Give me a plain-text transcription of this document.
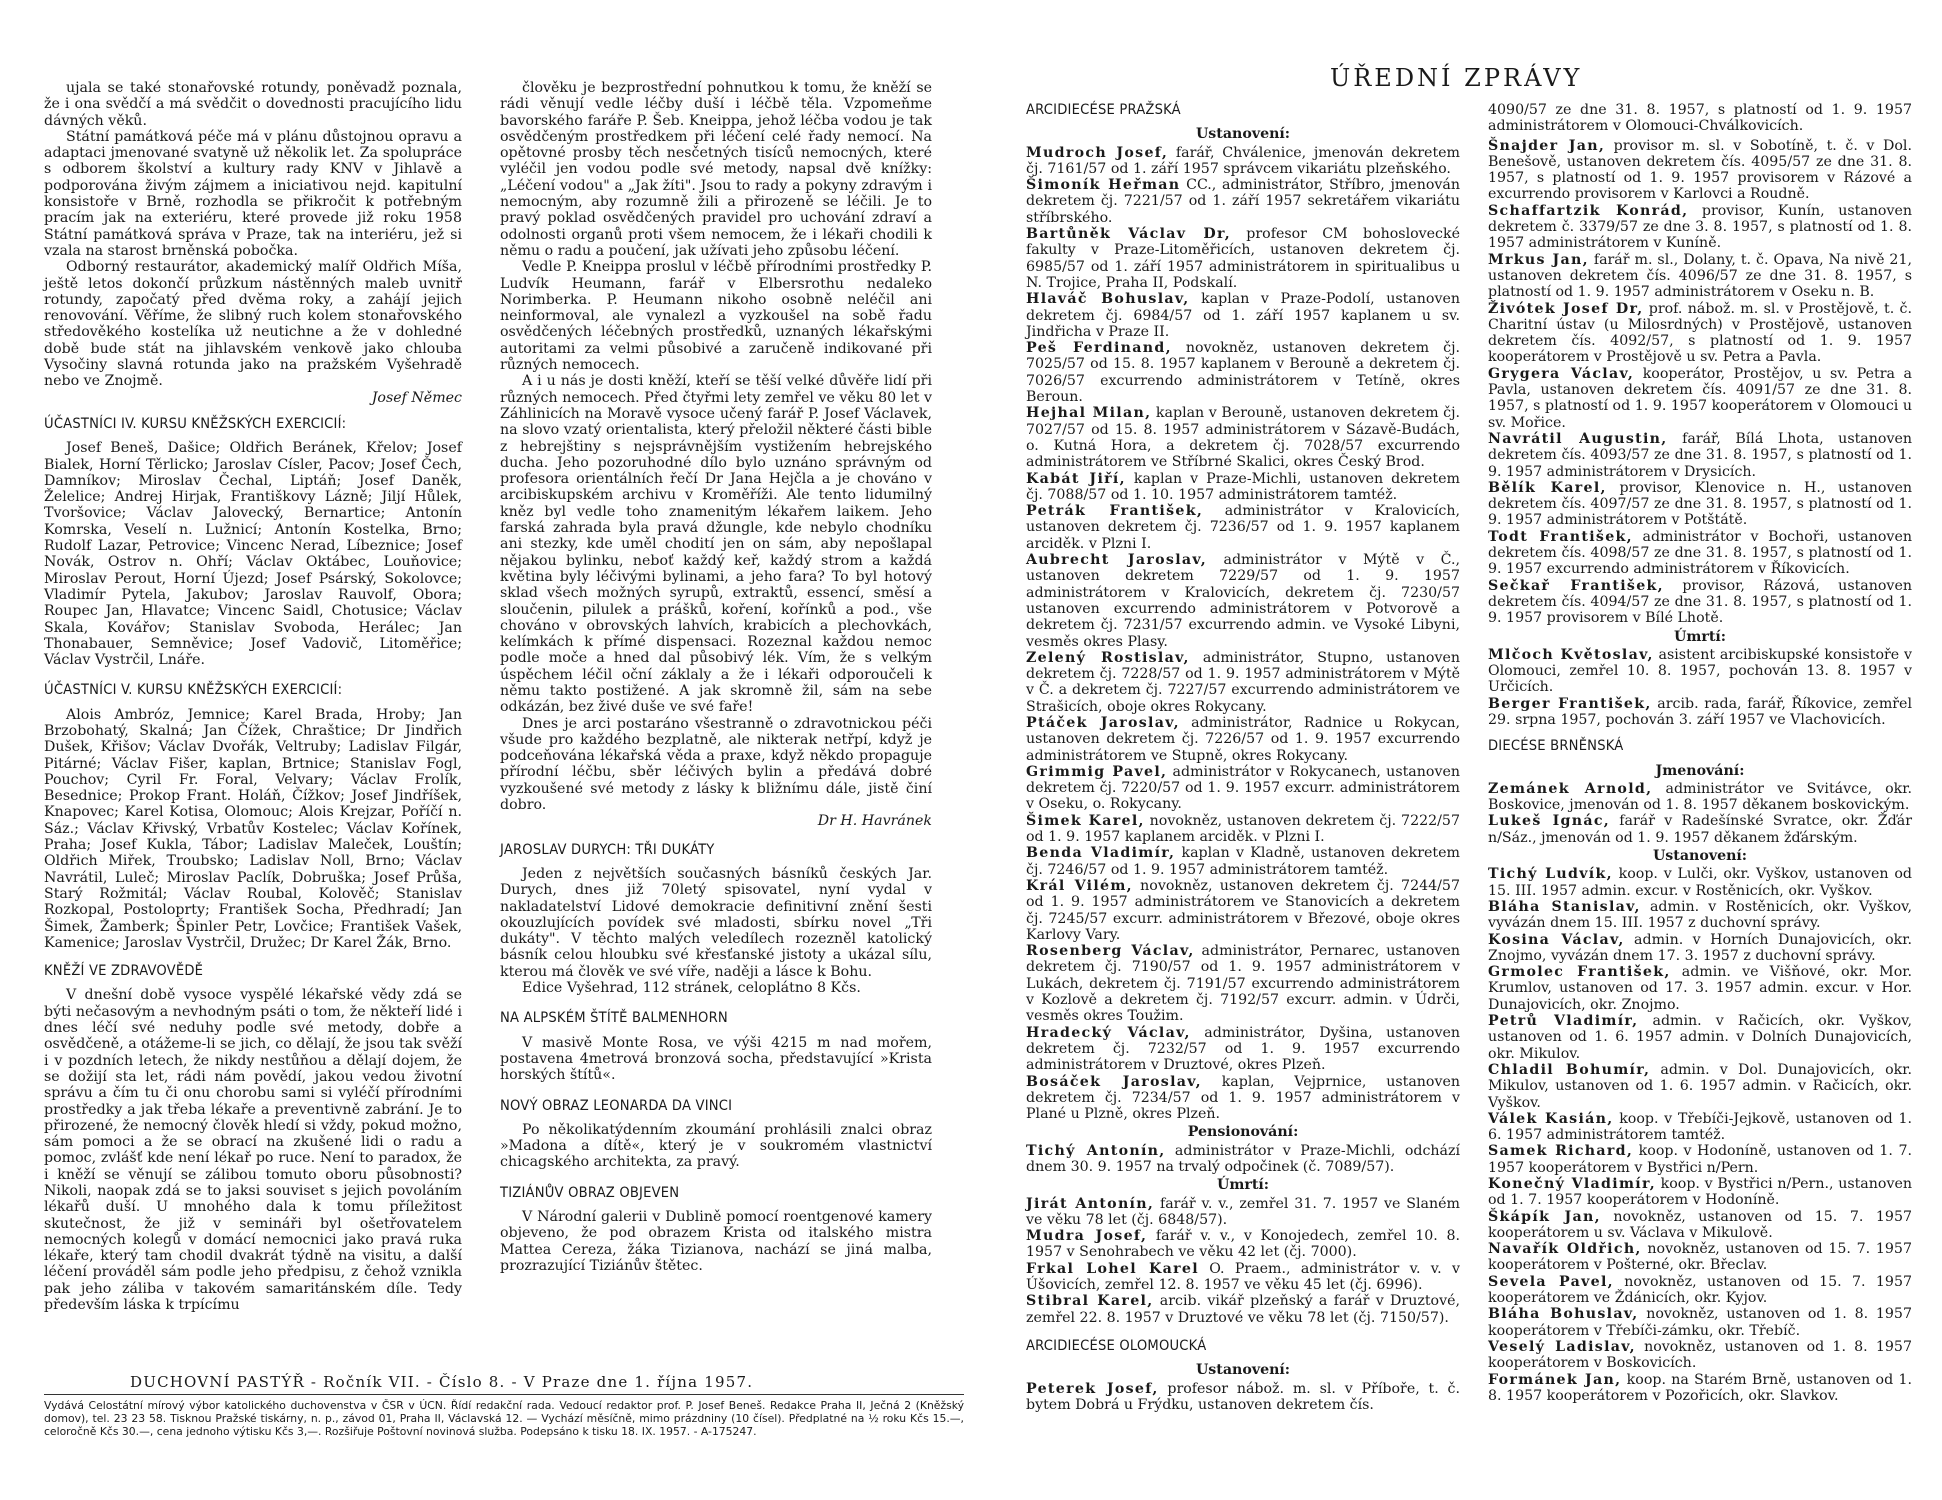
ujala se také stonařovské rotundy, poněvadž poznala, že i ona svědčí a má svědčit o dovednosti pracujícího lidu dávných věků.

Státní památková péče má v plánu důstojnou opravu a adaptaci jmenované svatyně už několik let. Za spolupráce s odborem školství a kultury rady KNV v Jihlavě a podporována živým zájmem a iniciativou nejd. kapitulní konsistoře v Brně, rozhodla se přikročit k potřebným pracím jak na exteriéru, které provede již roku 1958 Státní památková správa v Praze, tak na interiéru, jež si vzala na starost brněnská pobočka.

Odborný restaurátor, akademický malíř Oldřich Míša, ještě letos dokončí průzkum nástěnných maleb uvnitř rotundy, započatý před dvěma roky, a zahájí jejich renovování. Věříme, že slibný ruch kolem stonařovského středověkého kostelíka už neutichne a že v dohledné době bude stát na jihlavském venkově jako chlouba Vysočiny slavná rotunda jako na pražském Vyšehradě nebo ve Znojmě.

Josef Němec
ÚČASTNÍCI IV. KURSU KNĚŽSKÝCH EXERCICIÍ:

Josef Beneš, Dašice; Oldřich Beránek, Křelov; Josef Bialek, Horní Těrlicko; Jaroslav Císler, Pacov; Josef Čech, Damníkov; Miroslav Čechal, Liptáň; Josef Daněk, Želelice; Andrej Hirjak, Františkovy Lázně; Jiljí Hůlek, Tvoršovice; Václav Jalovecký, Bernartice; Antonín Komrska, Veselí n. Lužnicí; Antonín Kostelka, Brno; Rudolf Lazar, Petrovice; Vincenc Nerad, Líbeznice; Josef Novák, Ostrov n. Ohří; Václav Oktábec, Louňovice; Miroslav Perout, Horní Újezd; Josef Psárský, Sokolovce; Vladimír Pytela, Jakubov; Jaroslav Rauvolf, Obora; Roupec Jan, Hlavatce; Vincenc Saidl, Chotusice; Václav Skala, Kovářov; Stanislav Svoboda, Herálec; Jan Thonabauer, Semněvice; Josef Vadovič, Litoměřice; Václav Vystrčil, Lnáře.

ÚČASTNÍCI V. KURSU KNĚŽSKÝCH EXERCICIÍ:

Alois Ambróz, Jemnice; Karel Brada, Hroby; Jan Brzobohatý, Skalná; Jan Čížek, Chraštice; Dr Jindřich Dušek, Křišov; Václav Dvořák, Veltruby; Ladislav Filgár, Pitárné; Václav Fišer, kaplan, Brtnice; Stanislav Fogl, Pouchov; Cyril Fr. Foral, Velvary; Václav Frolík, Besednice; Prokop Frant. Holáň, Čížkov; Josef Jindříšek, Knapovec; Karel Kotisa, Olomouc; Alois Krejzar, Poříčí n. Sáz.; Václav Křivský, Vrbatův Kostelec; Václav Kořínek, Praha; Josef Kukla, Tábor; Ladislav Maleček, Louštín; Oldřich Miřek, Troubsko; Ladislav Noll, Brno; Václav Navrátil, Luleč; Miroslav Paclík, Dobruška; Josef Průša, Starý Rožmitál; Václav Roubal, Kolověč; Stanislav Rozkopal, Postoloprty; František Socha, Předhradí; Jan Šimek, Žamberk; Špinler Petr, Lovčice; František Vašek, Kamenice; Jaroslav Vystrčil, Družec; Dr Karel Žák, Brno.

KNĚŽÍ VE ZDRAVOVĚDĚ

V dnešní době vysoce vyspělé lékařské vědy zdá se býti nečasovým a nevhodným psáti o tom, že někteří lidé i dnes léčí své neduhy podle své metody, dobře a osvědčeně, a otážeme-li se jich, co dělají, že jsou tak svěží i v pozdních letech, že nikdy nestůňou a dělají dojem, že se dožijí sta let, rádi nám povědí, jakou vedou životní správu a čím tu či onu chorobu sami si vyléčí přírodními prostředky a jak třeba lékaře a preventivně zabrání. Je to přirozené, že nemocný člověk hledí si vždy, pokud možno, sám pomoci a že se obrací na zkušené lidi o radu a pomoc, zvlášť kde není lékař po ruce. Není to paradox, že i kněží se věnují se zálibou tomuto oboru působnosti? Nikoli, naopak zdá se to jaksi souviset s jejich povoláním lékařů duší. U mnohého dala k tomu příležitost skutečnost, že již v semináři byl ošetřovatelem nemocných kolegů v domácí nemocnici jako pravá ruka lékaře, který tam chodil dvakrát týdně na visitu, a další léčení prováděl sám podle jeho předpisu, z čehož vznikla pak jeho záliba v takovém samaritánském díle. Tedy především láska k trpícímu

člověku je bezprostřední pohnutkou k tomu, že kněží se rádi věnují vedle léčby duší i léčbě těla. Vzpomeňme bavorského faráře P. Šeb. Kneippa, jehož léčba vodou je tak osvědčeným prostředkem při léčení celé řady nemocí. Na opětovné prosby těch nesčetných tisíců nemocných, které vyléčil jen vodou podle své metody, napsal dvě knížky: „Léčení vodou" a „Jak žíti". Jsou to rady a pokyny zdravým i nemocným, aby rozumně žili a přirozeně se léčili. Je to pravý poklad osvědčených pravidel pro uchování zdraví a odolnosti organů proti všem nemocem, že i lékaři chodili k němu o radu a poučení, jak užívati jeho způsobu léčení.

Vedle P. Kneippa proslul v léčbě přírodními prostředky P. Ludvík Heumann, farář v Elbersrothu nedaleko Norimberka. P. Heumann nikoho osobně neléčil ani neinformoval, ale vynalezl a vyzkoušel na sobě řadu osvědčených léčebných prostředků, uznaných lékařskými autoritami za velmi působivé a zaručeně indikované při různých nemocech.

A i u nás je dosti kněží, kteří se těší velké důvěře lidí při různých nemocech. Před čtyřmi lety zemřel ve věku 80 let v Záhlinicích na Moravě vysoce učený farář P. Josef Václavek, na slovo vzatý orientalista, který přeložil některé části bible z hebrejštiny s nejsprávnějším vystižením hebrejského ducha. Jeho pozoruhodné dílo bylo uznáno správným od profesora orientálních řečí Dr Jana Hejčla a je chováno v arcibiskupském archivu v Kroměříži. Ale tento lidumilný kněz byl vedle toho znamenitým lékařem laikem. Jeho farská zahrada byla pravá džungle, kde nebylo chodníku ani stezky, kde uměl chodití jen on sám, aby nepošlapal nějakou bylinku, neboť každý keř, každý strom a každá květina byly léčivými bylinami, a jeho fara? To byl hotový sklad všech možných syrupů, extraktů, essencí, směsí a sloučenin, pilulek a prášků, koření, kořínků a pod., vše chováno v obrovských lahvích, krabicích a plechovkách, kelímkách k přímé dispensaci. Rozeznal každou nemoc podle moče a hned dal působivý lék. Vím, že s velkým úspěchem léčil oční záklaly a že i lékaři odporoučeli k němu takto postižené. A jak skromně žil, sám na sebe odkázán, bez živé duše ve své faře!

Dnes je arci postaráno všestranně o zdravotnickou péči všude pro každého bezplatně, ale nikterak netřpí, když je podceňována lékařská věda a praxe, když někdo propaguje přírodní léčbu, sběr léčivých bylin a předává dobré vyzkoušené své metody z lásky k bližnímu dále, jistě činí dobro.

Dr H. Havránek
JAROSLAV DURYCH: TŘI DUKÁTY

Jeden z největších současných básníků českých Jar. Durych, dnes již 70letý spisovatel, nyní vydal v nakladatelství Lidové demokracie definitivní znění šesti okouzlujících povídek své mladosti, sbírku novel „Tři dukáty". V těchto malých veledílech rozezněl katolický básník celou hloubku své křesťanské jistoty a ukázal sílu, kterou má člověk ve své víře, naději a lásce k Bohu.

Edice Vyšehrad, 112 stránek, celoplátno 8 Kčs.

NA ALPSKÉM ŠTÍTĚ BALMENHORN

V masivě Monte Rosa, ve výši 4215 m nad mořem, postavena 4metrová bronzová socha, představující »Krista horských štítů«.

NOVÝ OBRAZ LEONARDA DA VINCI

Po několikatýdenním zkoumání prohlásili znalci obraz »Madona a dítě«, který je v soukromém vlastnictví chicagského architekta, za pravý.

TIZIÁNŮV OBRAZ OBJEVEN

V Národní galerii v Dublině pomocí roentgenové kamery objeveno, že pod obrazem Krista od italského mistra Mattea Cereza, žáka Tizianova, nachází se jiná malba, prozrazující Tiziánův štětec.

DUCHOVNÍ PASTÝŘ - Ročník VII. - Číslo 8. - V Praze dne 1. října 1957.
Vydává Celostátní mírový výbor katolického duchovenstva v ČSR v ÚCN. Řídí redakční rada. Vedoucí redaktor prof. P. Josef Beneš. Redakce Praha II, Ječná 2 (Kněžský domov), tel. 23 23 58. Tisknou Pražské tiskárny, n. p., závod 01, Praha II, Václavská 12. — Vychází měsíčně, mimo prázdniny (10 čísel). Předplatné na ½ roku Kčs 15.—, celoročně Kčs 30.—, cena jednoho výtisku Kčs 3,—. Rozšiřuje Poštovní novinová služba. Podepsáno k tisku 18. IX. 1957. - A-175247.
ÚŘEDNÍ ZPRÁVY
ARCIDIECÉSE PRAŽSKÁ
Ustanovení:

Mudroch Josef, farář, Chválenice, jmenován dekretem čj. 7161/57 od 1. září 1957 správcem vikariátu plzeňského.

Šimoník Heřman CC., administrátor, Stříbro, jmenován dekretem čj. 7221/57 od 1. září 1957 sekretářem vikariátu stříbrského.

Bartůněk Václav Dr, profesor CM bohoslovecké fakulty v Praze-Litoměřicích, ustanoven dekretem čj. 6985/57 od 1. září 1957 administrátorem in spiritualibus u N. Trojice, Praha II, Podskalí.

Hlaváč Bohuslav, kaplan v Praze-Podolí, ustanoven dekretem čj. 6984/57 od 1. září 1957 kaplanem u sv. Jindřicha v Praze II.

Peš Ferdinand, novokněz, ustanoven dekretem čj. 7025/57 od 15. 8. 1957 kaplanem v Berouně a dekretem čj. 7026/57 excurrendo administrátorem v Tetíně, okres Beroun.

Hejhal Milan, kaplan v Berouně, ustanoven dekretem čj. 7027/57 od 15. 8. 1957 administrátorem v Sázavě-Budách, o. Kutná Hora, a dekretem čj. 7028/57 excurrendo administrátorem ve Stříbrné Skalici, okres Český Brod.

Kabát Jiří, kaplan v Praze-Michli, ustanoven dekretem čj. 7088/57 od 1. 10. 1957 administrátorem tamtéž.

Petrák František, administrátor v Kralovicích, ustanoven dekretem čj. 7236/57 od 1. 9. 1957 kaplanem arciděk. v Plzni I.

Aubrecht Jaroslav, administrátor v Mýtě v Č., ustanoven dekretem 7229/57 od 1. 9. 1957 administrátorem v Kralovicích, dekretem čj. 7230/57 ustanoven excurrendo administrátorem v Potvorově a dekretem čj. 7231/57 excurrendo admin. ve Vysoké Libyni, vesměs okres Plasy.

Zelený Rostislav, administrátor, Stupno, ustanoven dekretem čj. 7228/57 od 1. 9. 1957 administrátorem v Mýtě v Č. a dekretem čj. 7227/57 excurrendo administrátorem ve Strašicích, oboje okres Rokycany.

Ptáček Jaroslav, administrátor, Radnice u Rokycan, ustanoven dekretem čj. 7226/57 od 1. 9. 1957 excurrendo administrátorem ve Stupně, okres Rokycany.

Grimmig Pavel, administrátor v Rokycanech, ustanoven dekretem čj. 7220/57 od 1. 9. 1957 excurr. administrátorem v Oseku, o. Rokycany.

Šimek Karel, novokněz, ustanoven dekretem čj. 7222/57 od 1. 9. 1957 kaplanem arciděk. v Plzni I.

Benda Vladimír, kaplan v Kladně, ustanoven dekretem čj. 7246/57 od 1. 9. 1957 administrátorem tamtéž.

Král Vilém, novokněz, ustanoven dekretem čj. 7244/57 od 1. 9. 1957 administrátorem ve Stanovicích a dekretem čj. 7245/57 excurr. administrátorem v Březové, oboje okres Karlovy Vary.

Rosenberg Václav, administrátor, Pernarec, ustanoven dekretem čj. 7190/57 od 1. 9. 1957 administrátorem v Lukách, dekretem čj. 7191/57 excurrendo administrátorem v Kozlově a dekretem čj. 7192/57 excurr. admin. v Údrči, vesměs okres Toužim.

Hradecký Václav, administrátor, Dyšina, ustanoven dekretem čj. 7232/57 od 1. 9. 1957 excurrendo administrátorem v Druztové, okres Plzeň.

Bosáček Jaroslav, kaplan, Vejprnice, ustanoven dekretem čj. 7234/57 od 1. 9. 1957 administrátorem v Plané u Plzně, okres Plzeň.

Pensionování:

Tichý Antonín, administrátor v Praze-Michli, odchází dnem 30. 9. 1957 na trvalý odpočinek (č. 7089/57).

Úmrtí:

Jirát Antonín, farář v. v., zemřel 31. 7. 1957 ve Slaném ve věku 78 let (čj. 6848/57).

Mudra Josef, farář v. v., v Konojedech, zemřel 10. 8. 1957 v Senohrabech ve věku 42 let (čj. 7000).

Frkal Lohel Karel O. Praem., administrátor v. v. v Úšovicích, zemřel 12. 8. 1957 ve věku 45 let (čj. 6996).

Stibral Karel, arcib. vikář plzeňský a farář v Druztové, zemřel 22. 8. 1957 v Druztové ve věku 78 let (čj. 7150/57).

ARCIDIECÉSE OLOMOUCKÁ
Ustanovení:

Peterek Josef, profesor nábož. m. sl. v Příboře, t. č. bytem Dobrá u Frýdku, ustanoven dekretem čís.

4090/57 ze dne 31. 8. 1957, s platností od 1. 9. 1957 administrátorem v Olomouci-Chválkovicích.

Šnajder Jan, provisor m. sl. v Sobotíně, t. č. v Dol. Benešově, ustanoven dekretem čís. 4095/57 ze dne 31. 8. 1957, s platností od 1. 9. 1957 provisorem v Rázové a excurrendo provisorem v Karlovci a Roudně.

Schaffartzik Konrád, provisor, Kunín, ustanoven dekretem č. 3379/57 ze dne 3. 8. 1957, s platností od 1. 8. 1957 administrátorem v Kuníně.

Mrkus Jan, farář m. sl., Dolany, t. č. Opava, Na nivě 21, ustanoven dekretem čís. 4096/57 ze dne 31. 8. 1957, s platností od 1. 9. 1957 administrátorem v Oseku n. B.

Živótek Josef Dr, prof. nábož. m. sl. v Prostějově, t. č. Charitní ústav (u Milosrdných) v Prostějově, ustanoven dekretem čís. 4092/57, s platností od 1. 9. 1957 kooperátorem v Prostějově u sv. Petra a Pavla.

Grygera Václav, kooperátor, Prostějov, u sv. Petra a Pavla, ustanoven dekretem čís. 4091/57 ze dne 31. 8. 1957, s platností od 1. 9. 1957 kooperátorem v Olomouci u sv. Mořice.

Navrátil Augustin, farář, Bílá Lhota, ustanoven dekretem čís. 4093/57 ze dne 31. 8. 1957, s platností od 1. 9. 1957 administrátorem v Drysicích.

Bělík Karel, provisor, Klenovice n. H., ustanoven dekretem čís. 4097/57 ze dne 31. 8. 1957, s platností od 1. 9. 1957 administrátorem v Potštátě.

Todt František, administrátor v Bochoři, ustanoven dekretem čís. 4098/57 ze dne 31. 8. 1957, s platností od 1. 9. 1957 excurrendo administrátorem v Říkovicích.

Sečkař František, provisor, Rázová, ustanoven dekretem čís. 4094/57 ze dne 31. 8. 1957, s platností od 1. 9. 1957 provisorem v Bílé Lhotě.

Úmrtí:

Mlčoch Květoslav, asistent arcibiskupské konsistoře v Olomouci, zemřel 10. 8. 1957, pochován 13. 8. 1957 v Určicích.

Berger František, arcib. rada, farář, Říkovice, zemřel 29. srpna 1957, pochován 3. září 1957 ve Vlachovicích.

DIECÉSE BRNĚNSKÁ
Jmenování:

Zemánek Arnold, administrátor ve Svitávce, okr. Boskovice, jmenován od 1. 8. 1957 děkanem boskovickým.

Lukeš Ignác, farář v Radešínské Svratce, okr. Žďár n/Sáz., jmenován od 1. 9. 1957 děkanem žďárským.

Ustanovení:

Tichý Ludvík, koop. v Lulči, okr. Vyškov, ustanoven od 15. III. 1957 admin. excur. v Rostěnicích, okr. Vyškov.

Bláha Stanislav, admin. v Rostěnicích, okr. Vyškov, vyvázán dnem 15. III. 1957 z duchovní správy.

Kosina Václav, admin. v Horních Dunajovicích, okr. Znojmo, vyvázán dnem 17. 3. 1957 z duchovní správy.

Grmolec František, admin. ve Višňové, okr. Mor. Krumlov, ustanoven od 17. 3. 1957 admin. excur. v Hor. Dunajovicích, okr. Znojmo.

Petrů Vladimír, admin. v Račicích, okr. Vyškov, ustanoven od 1. 6. 1957 admin. v Dolních Dunajovicích, okr. Mikulov.

Chladil Bohumír, admin. v Dol. Dunajovicích, okr. Mikulov, ustanoven od 1. 6. 1957 admin. v Račicích, okr. Vyškov.

Válek Kasián, koop. v Třebíči-Jejkově, ustanoven od 1. 6. 1957 administrátorem tamtéž.

Samek Richard, koop. v Hodoníně, ustanoven od 1. 7. 1957 kooperátorem v Bystřici n/Pern.

Konečný Vladimír, koop. v Bystřici n/Pern., ustanoven od 1. 7. 1957 kooperátorem v Hodoníně.

Škápík Jan, novokněz, ustanoven od 15. 7. 1957 kooperátorem u sv. Václava v Mikulově.

Navařík Oldřich, novokněz, ustanoven od 15. 7. 1957 kooperátorem v Pošterné, okr. Břeclav.

Sevela Pavel, novokněz, ustanoven od 15. 7. 1957 kooperátorem ve Ždánicích, okr. Kyjov.

Bláha Bohuslav, novokněz, ustanoven od 1. 8. 1957 kooperátorem v Třebíči-zámku, okr. Třebíč.

Veselý Ladislav, novokněz, ustanoven od 1. 8. 1957 kooperátorem v Boskovicích.

Formánek Jan, koop. na Starém Brně, ustanoven od 1. 8. 1957 kooperátorem v Pozořicích, okr. Slavkov.
